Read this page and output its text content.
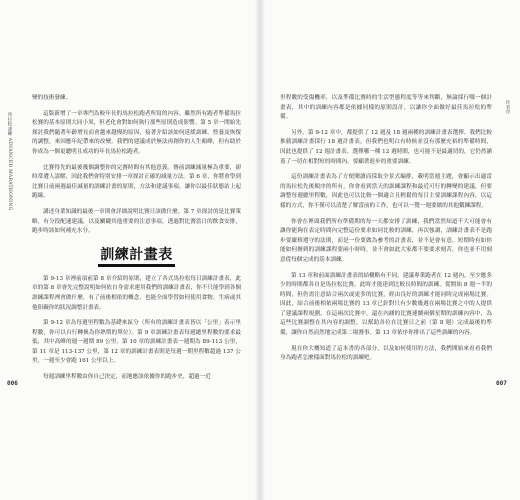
馬拉松訓練 ADVANCED MARATHONING

變的技術發練。

這版新增了一章專門為較年長的馬拉松跑者所寫的內容。雖然所有跑者準備馬拉松賽的基本原則大同小異，但老化會對如何執行那些原則造成影響。第 5 章一開始先探討我們隨著年齡增長而會越來越慢的原因，接著介紹該如何延緩訓練、營養及恢復的調整，來因應年紀帶來的改變。我們的建議成於無法再創你的人生顛峰，但有助於你成為一個更聰明且成功的年長馬拉松跑者。

比賽得先的最後幾個調整你的完賽時間有其他意義。賽前訓練減量極為重要，卻時常遭人誤解，因此我們會特別安排一章探討正確的減量方法。第 6 章，你將會學到比賽日前兩週最佳減量的訓練計畫的原則，方法和建議事項。讓你以最佳狀態站上起跑線。

講述身業知識的最後一章則會詳細說明比賽日該做什麼。第 7 章探討的是比賽策略，有分段配速建議，以及關鍵其他重要的注意事項。透過對比賽當日的飲食安排，跑步時該如何補充水分。

訓練計畫表

第 9-13 章裡前項前第 8 章介紹的原則，建立了各式馬拉松每日訓練計畫表，此章的第 8 章會先完整說明如何依自身需求運用我們的訓練計畫表，你不只能學到各個訓練課程裡會做什麼，有了前後相依的概念，也能全面學習如何使用食物、生病或其他阻礙你的狀況調整計畫表。

第 9-12 章為每週里程數為基礎來區分（所有的訓練計畫表皆以「公里」表示里程數，你可以自行轉換為你熟慣的單位）。第 9 章訓練計畫表每週總里程數的要求最低，其中高峰的週一週期 89 公里。第 10 章的訓練計畫表一週期為 89-113 公里，第 11 章是 113-137 公里，第 12 章的訓練計畫表則是每週一期里程數超過 137 公里，一週至少會跑 161 公里以上。

每週訓練里程數由你自己決定，而地應該依據你的跑步史，超過一近

006

里程數的受傷機率，以及準備比賽時的生活型態程度等等來判斷，無論採行哪一個計畫表，其中的訓練內容都是依據同樣的原則設計，以讓你全面做好最佳馬拉松的準備。

另外，第 9-12 章中，都提供了 12 週及 18 週兩種的訓練計畫表選擇。我們比較推薦訓練計畫採行 18 週計畫表，但我們也明白有時候並沒有那麼充裕的準備時間，因此也提供了 12 週計畫表。選擇哪一種 12 週時間，也可能不是最適切的，它仍然涵蓋了一切在相對短的時間內，要顧著進步的重要訓練。

這份訓練計畫表為了方便閱讀而採取全景式編排，載明當週主題，會顯示出適當的馬拉松先後順序的所有，你會看到當天的訓練課程和最近可行的轉變的建議，但要調整每週總里程數，因此也可以比較一個適合且輕鬆的每日主要訓練課程內容，以這樣的方式，你不僅可以清楚了解當前的工作，也可以一覽一週要做的其他鍛鍊課程。

你會在裡頭我們所有準備期的每一天都安排了訓練，我們當然知道不大可能會有讓你能夠在表定時間內完整這份要求如同比較的訓練，再次強調，訓練計畫表不是跑步要嚴格遵守的法則，而是一份要做為參考的計畫表，並不是會有意，短期時有如你能如何辦到的訓練課程要兩小時時，並不會如此大家都不要要求刻苦，你也並不用刻意從每個完成的基本訓練。

第 13 章和前面訓練計畫表的結構略有不同，建議專業跑者在 12 週內，至少應多少的時間都各自是馬拉松比賽，此時才能達到比較長時間的訓練，從開始 8 週一半的時間，但仍需注意結合兩次或更多的比賽，經由良好的訓練才能同時完成兩場比賽。因此，結合前後相依兩場比賽的 13 章已針對只有少數幾週在兩場比賽之中的人提供了建議課程規劃，在這兩次比賽中，還在內涵的比賽連續兩個星期的訓練內容中，為這些比賽調整在其內容的調整，以幫助各位在比賽日之前（第 8 週）完成最後的準備，讓你自然而然地完成第二場賽事。第 13 章依序你排出了這些訓練的內容。

現在你大概知道了這本書的各部分，以及如何使用的方法，我們開始來看看我們身為跑者怎麼樣面對馬拉松的訓練吧。

作者序
007
